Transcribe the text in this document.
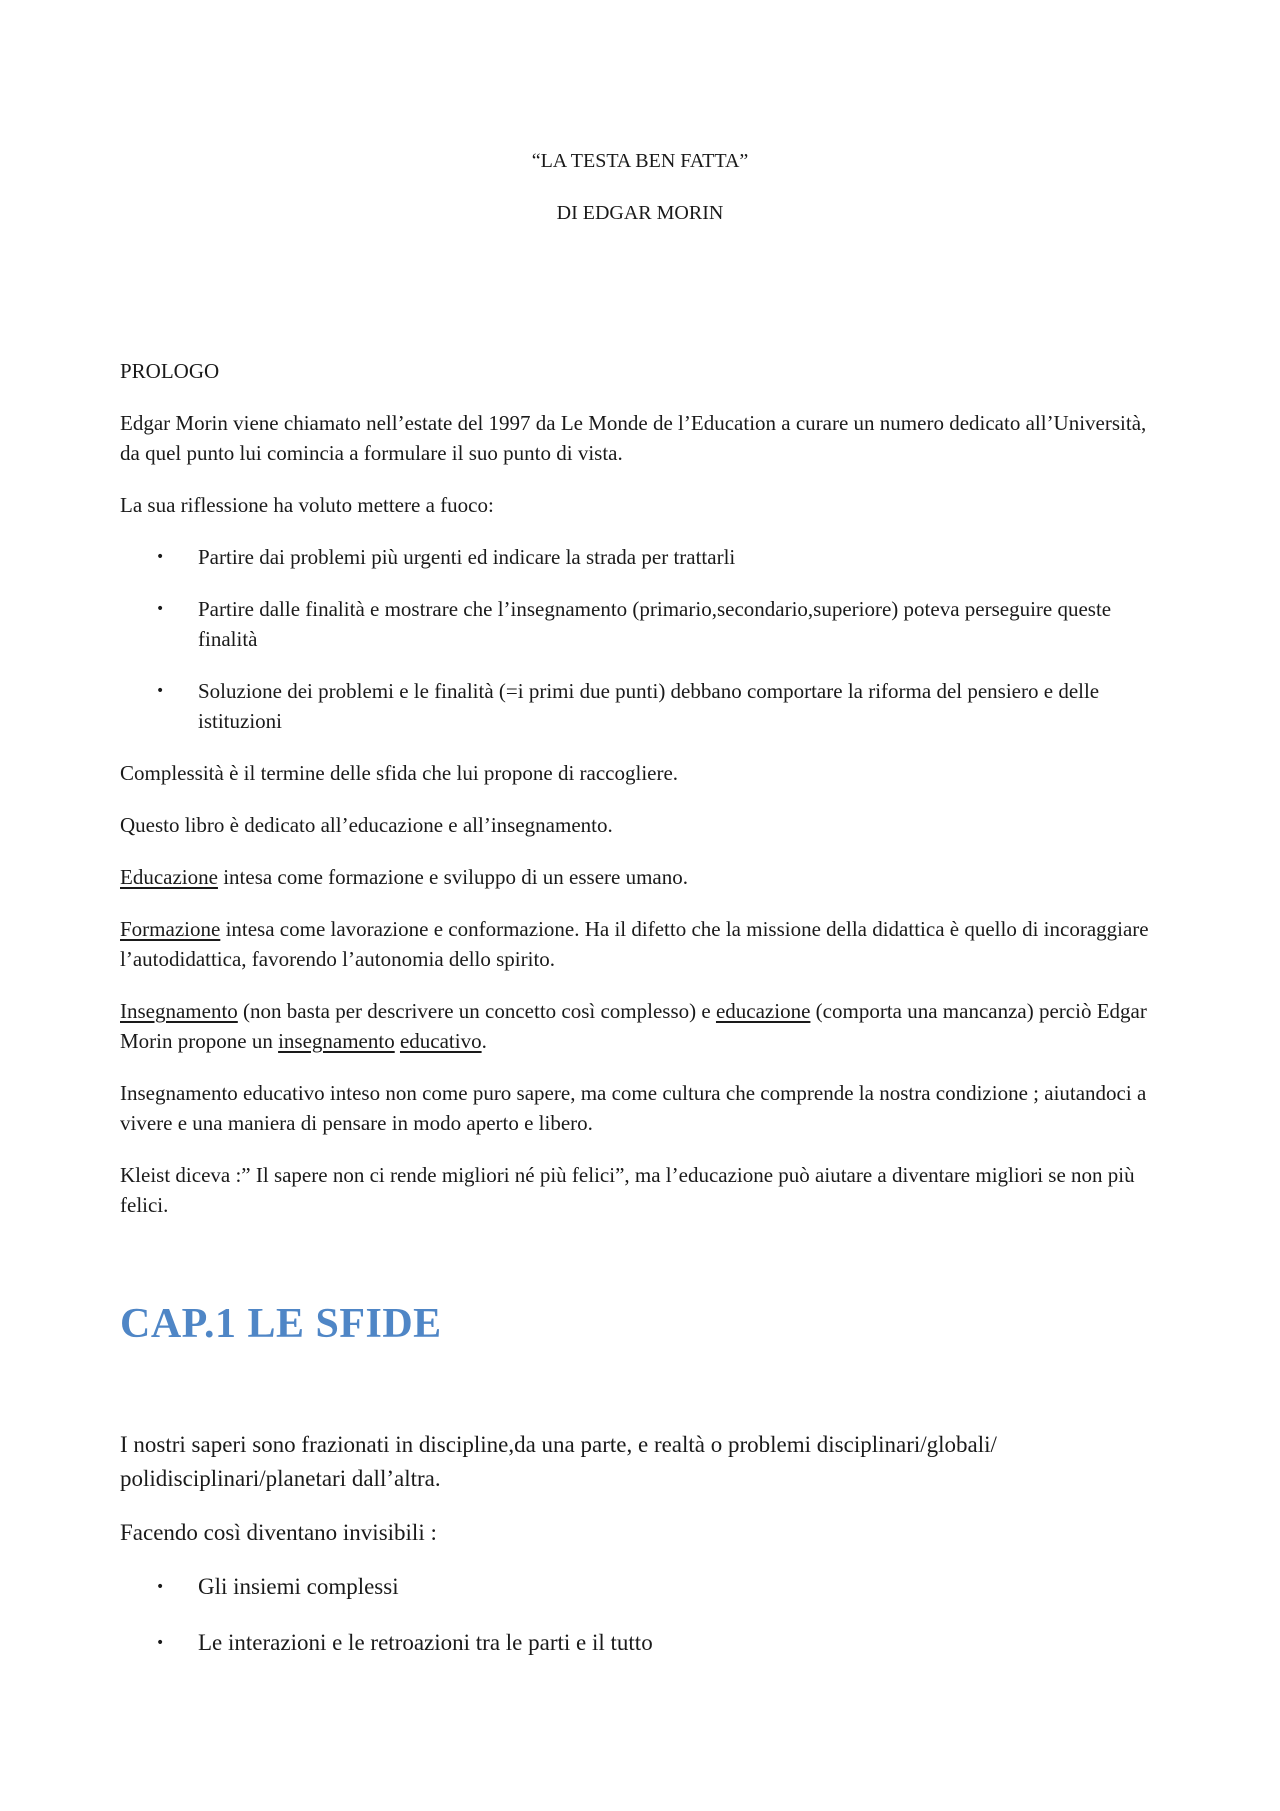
“LA TESTA BEN FATTA”
DI EDGAR MORIN

PROLOGO

Edgar Morin viene chiamato nell’estate del 1997 da Le Monde de l’Education a curare un numero dedicato all’Università, da quel punto lui comincia a formulare il suo punto di vista.

La sua riflessione ha voluto mettere a fuoco:

• Partire dai problemi più urgenti ed indicare la strada per trattarli
• Partire dalle finalità e mostrare che l’insegnamento (primario,secondario,superiore) poteva perseguire queste finalità
• Soluzione dei problemi e le finalità (=i primi due punti) debbano comportare la riforma del pensiero e delle istituzioni

Complessità è il termine delle sfida che lui propone di raccogliere.

Questo libro è dedicato all’educazione e all’insegnamento.

Educazione intesa come formazione e sviluppo di un essere umano.

Formazione intesa come lavorazione e conformazione. Ha il difetto che la missione della didattica è quello di incoraggiare l’autodidattica, favorendo l’autonomia dello spirito.

Insegnamento (non basta per descrivere un concetto così complesso) e educazione (comporta una mancanza) perciò Edgar Morin propone un insegnamento educativo.

Insegnamento educativo inteso non come puro sapere, ma come cultura che comprende la nostra condizione ; aiutandoci a vivere e una maniera di pensare in modo aperto e libero.

Kleist diceva :” Il sapere non ci rende migliori né più felici”, ma l’educazione può aiutare a diventare migliori se non più felici.

CAP.1 LE SFIDE

I nostri saperi sono frazionati in discipline,da una parte, e realtà o problemi disciplinari/globali/ polidisciplinari/planetari dall’altra.

Facendo così diventano invisibili :

• Gli insiemi complessi
• Le interazioni e le retroazioni tra le parti e il tutto
